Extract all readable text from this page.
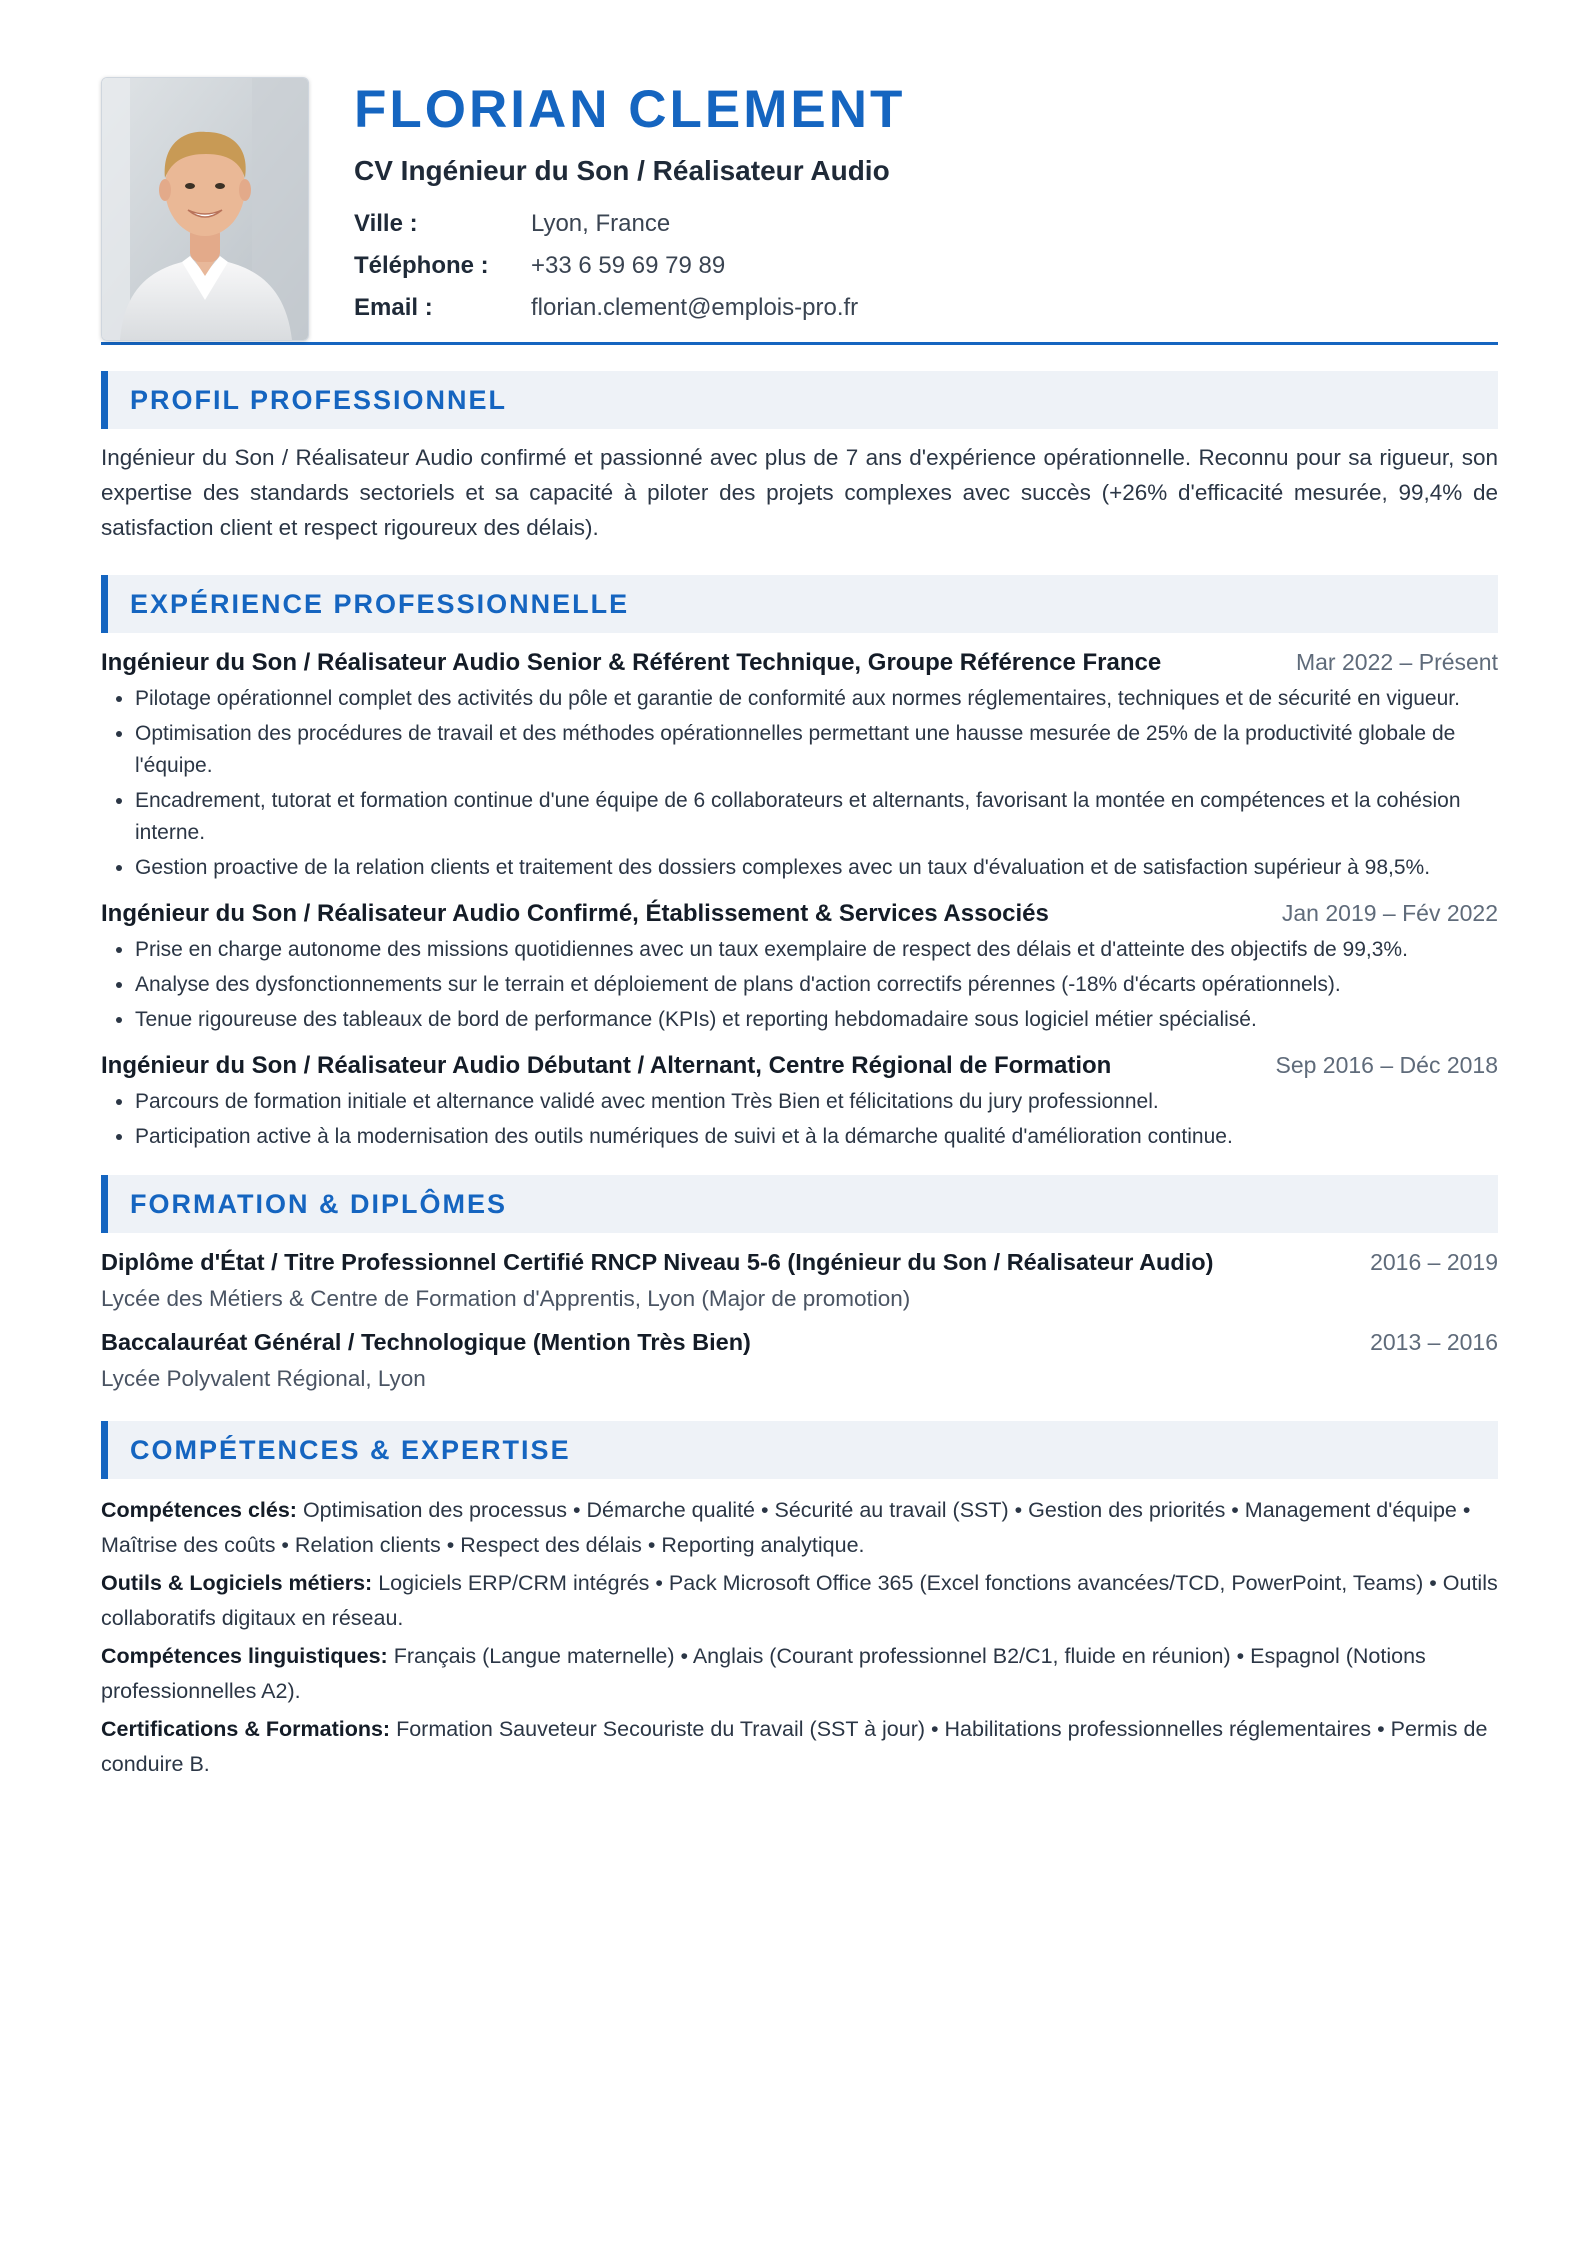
FLORIAN CLEMENT
CV Ingénieur du Son / Réalisateur Audio
Ville :	Lyon, France
Téléphone :	+33 6 59 69 79 89
Email :	florian.clement@emplois-pro.fr
PROFIL PROFESSIONNEL
Ingénieur du Son / Réalisateur Audio confirmé et passionné avec plus de 7 ans d'expérience opérationnelle. Reconnu pour sa rigueur, son expertise des standards sectoriels et sa capacité à piloter des projets complexes avec succès (+26% d'efficacité mesurée, 99,4% de satisfaction client et respect rigoureux des délais).
EXPÉRIENCE PROFESSIONNELLE
Ingénieur du Son / Réalisateur Audio Senior & Référent Technique, Groupe Référence France	Mar 2022 – Présent
• Pilotage opérationnel complet des activités du pôle et garantie de conformité aux normes réglementaires, techniques et de sécurité en vigueur.
• Optimisation des procédures de travail et des méthodes opérationnelles permettant une hausse mesurée de 25% de la productivité globale de l'équipe.
• Encadrement, tutorat et formation continue d'une équipe de 6 collaborateurs et alternants, favorisant la montée en compétences et la cohésion interne.
• Gestion proactive de la relation clients et traitement des dossiers complexes avec un taux d'évaluation et de satisfaction supérieur à 98,5%.
Ingénieur du Son / Réalisateur Audio Confirmé, Établissement & Services Associés	Jan 2019 – Fév 2022
• Prise en charge autonome des missions quotidiennes avec un taux exemplaire de respect des délais et d'atteinte des objectifs de 99,3%.
• Analyse des dysfonctionnements sur le terrain et déploiement de plans d'action correctifs pérennes (-18% d'écarts opérationnels).
• Tenue rigoureuse des tableaux de bord de performance (KPIs) et reporting hebdomadaire sous logiciel métier spécialisé.
Ingénieur du Son / Réalisateur Audio Débutant / Alternant, Centre Régional de Formation	Sep 2016 – Déc 2018
• Parcours de formation initiale et alternance validé avec mention Très Bien et félicitations du jury professionnel.
• Participation active à la modernisation des outils numériques de suivi et à la démarche qualité d'amélioration continue.
FORMATION & DIPLÔMES
Diplôme d'État / Titre Professionnel Certifié RNCP Niveau 5-6 (Ingénieur du Son / Réalisateur Audio)	2016 – 2019
Lycée des Métiers & Centre de Formation d'Apprentis, Lyon (Major de promotion)
Baccalauréat Général / Technologique (Mention Très Bien)	2013 – 2016
Lycée Polyvalent Régional, Lyon
COMPÉTENCES & EXPERTISE
Compétences clés: Optimisation des processus • Démarche qualité • Sécurité au travail (SST) • Gestion des priorités • Management d'équipe • Maîtrise des coûts • Relation clients • Respect des délais • Reporting analytique.
Outils & Logiciels métiers: Logiciels ERP/CRM intégrés • Pack Microsoft Office 365 (Excel fonctions avancées/TCD, PowerPoint, Teams) • Outils collaboratifs digitaux en réseau.
Compétences linguistiques: Français (Langue maternelle) • Anglais (Courant professionnel B2/C1, fluide en réunion) • Espagnol (Notions professionnelles A2).
Certifications & Formations: Formation Sauveteur Secouriste du Travail (SST à jour) • Habilitations professionnelles réglementaires • Permis de conduire B.
